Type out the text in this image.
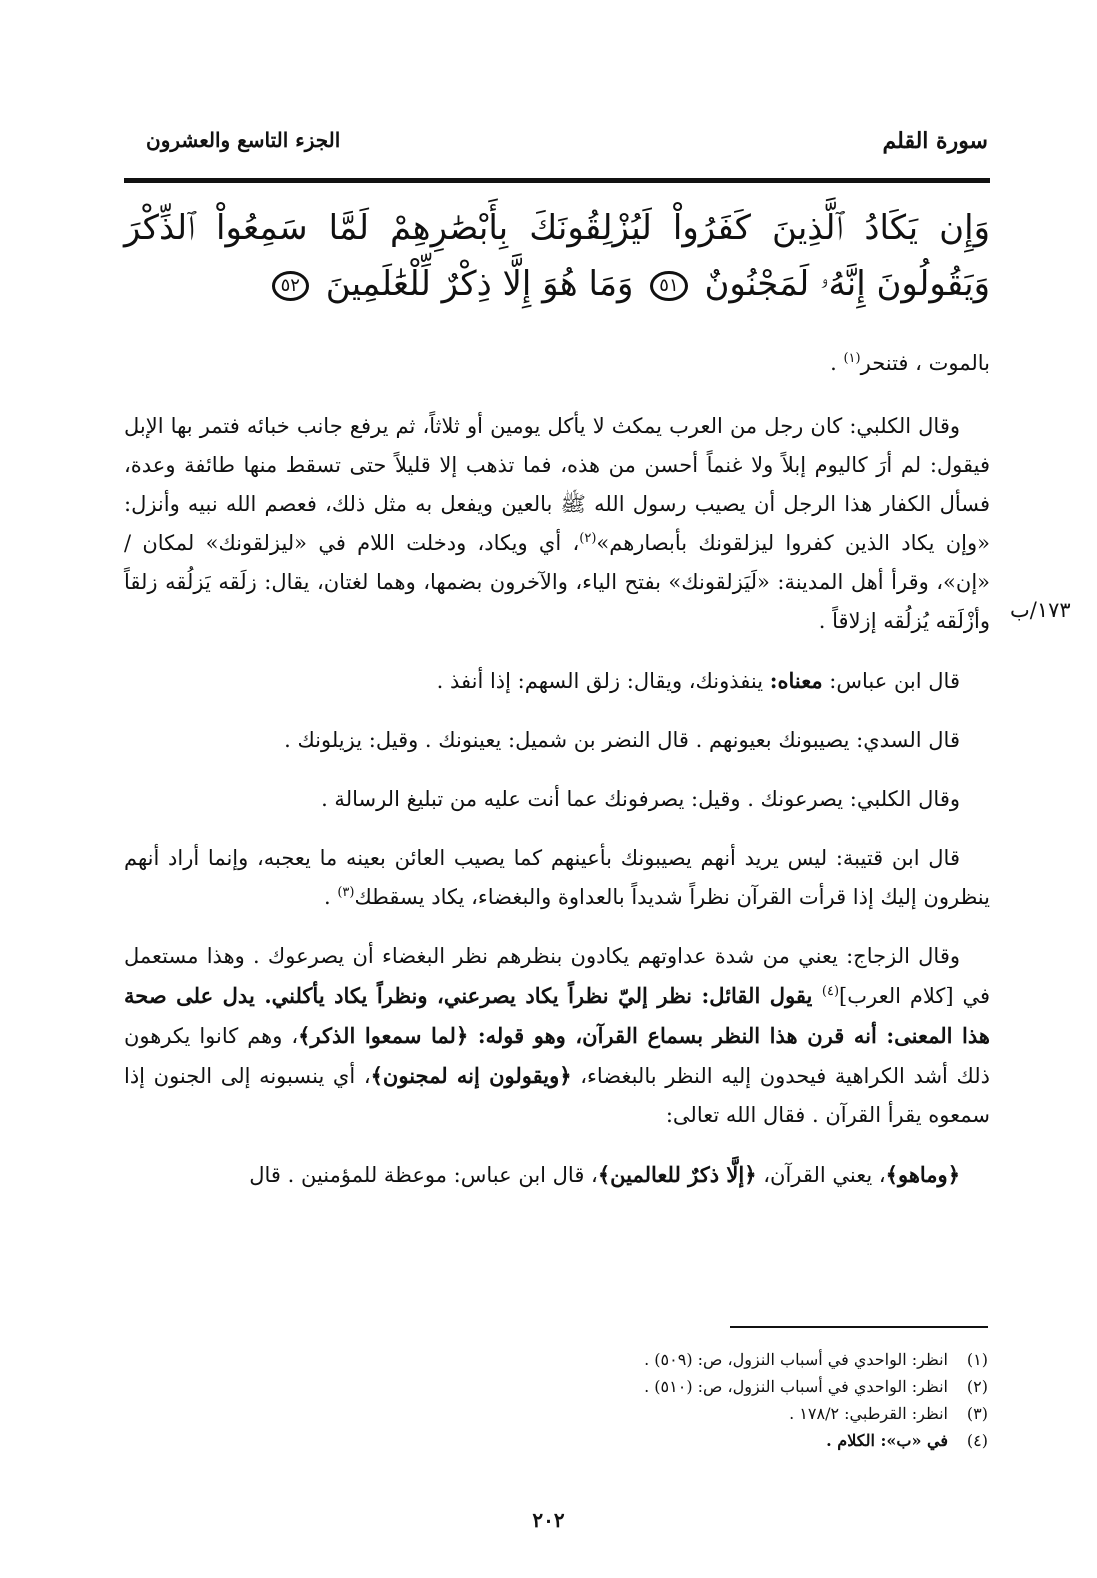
سورة القلم
الجزء التاسع والعشرون
وَإِن يَكَادُ ٱلَّذِينَ كَفَرُواْ لَيُزْلِقُونَكَ بِأَبْصَٰرِهِمْ لَمَّا سَمِعُواْ ٱلذِّكْرَ وَيَقُولُونَ إِنَّهُۥ لَمَجْنُونٌ ٥١ وَمَا هُوَ إِلَّا ذِكْرٌ لِّلْعَٰلَمِينَ ٥٢
١٧٣/ب

بالموت ، فتنحر$^{(١)}$ .

وقال الكلبي: كان رجل من العرب يمكث لا يأكل يومين أو ثلاثاً، ثم يرفع جانب خبائه فتمر بها الإبل فيقول: لم أرَ كاليوم إبلاً ولا غنماً أحسن من هذه، فما تذهب إلا قليلاً حتى تسقط منها طائفة وعدة، فسأل الكفار هذا الرجل أن يصيب رسول الله ﷺ بالعين ويفعل به مثل ذلك، فعصم الله نبيه وأنزل: «وإن يكاد الذين كفروا ليزلقونك بأبصارهم»$^{(٢)}$، أي ويكاد، ودخلت اللام في «ليزلقونك» لمكان / «إن»، وقرأ أهل المدينة: «لَيَزلقونك» بفتح الياء، والآخرون بضمها، وهما لغتان، يقال: زلَقه يَزلُقه زلقاً وأزْلَقه يُزلُقه إزلاقاً .

قال ابن عباس: معناه: ينفذونك، ويقال: زلق السهم: إذا أنفذ .

قال السدي: يصيبونك بعيونهم . قال النضر بن شميل: يعينونك . وقيل: يزيلونك .

وقال الكلبي: يصرعونك . وقيل: يصرفونك عما أنت عليه من تبليغ الرسالة .

قال ابن قتيبة: ليس يريد أنهم يصيبونك بأعينهم كما يصيب العائن بعينه ما يعجبه، وإنما أراد أنهم ينظرون إليك إذا قرأت القرآن نظراً شديداً بالعداوة والبغضاء، يكاد يسقطك$^{(٣)}$ .

وقال الزجاج: يعني من شدة عداوتهم يكادون بنظرهم نظر البغضاء أن يصرعوك . وهذا مستعمل في [كلام العرب]$^{(٤)}$ يقول القائل: نظر إليّ نظراً يكاد يصرعني، ونظراً يكاد يأكلني. يدل على صحة هذا المعنى: أنه قرن هذا النظر بسماع القرآن، وهو قوله: ﴿لما سمعوا الذكر﴾، وهم كانوا يكرهون ذلك أشد الكراهية فيحدون إليه النظر بالبغضاء، ﴿ويقولون إنه لمجنون﴾، أي ينسبونه إلى الجنون إذا سمعوه يقرأ القرآن . فقال الله تعالى:

﴿وماهو﴾، يعني القرآن، ﴿إلَّا ذكرٌ للعالمين﴾، قال ابن عباس: موعظة للمؤمنين . قال

(١)
انظر: الواحدي في أسباب النزول، ص: (٥٠٩) .
(٢)
انظر: الواحدي في أسباب النزول، ص: (٥١٠) .
(٣)
انظر: القرطبي: ١٧٨/٢ .
(٤)
في «ب»: الكلام .
٢٠٢
